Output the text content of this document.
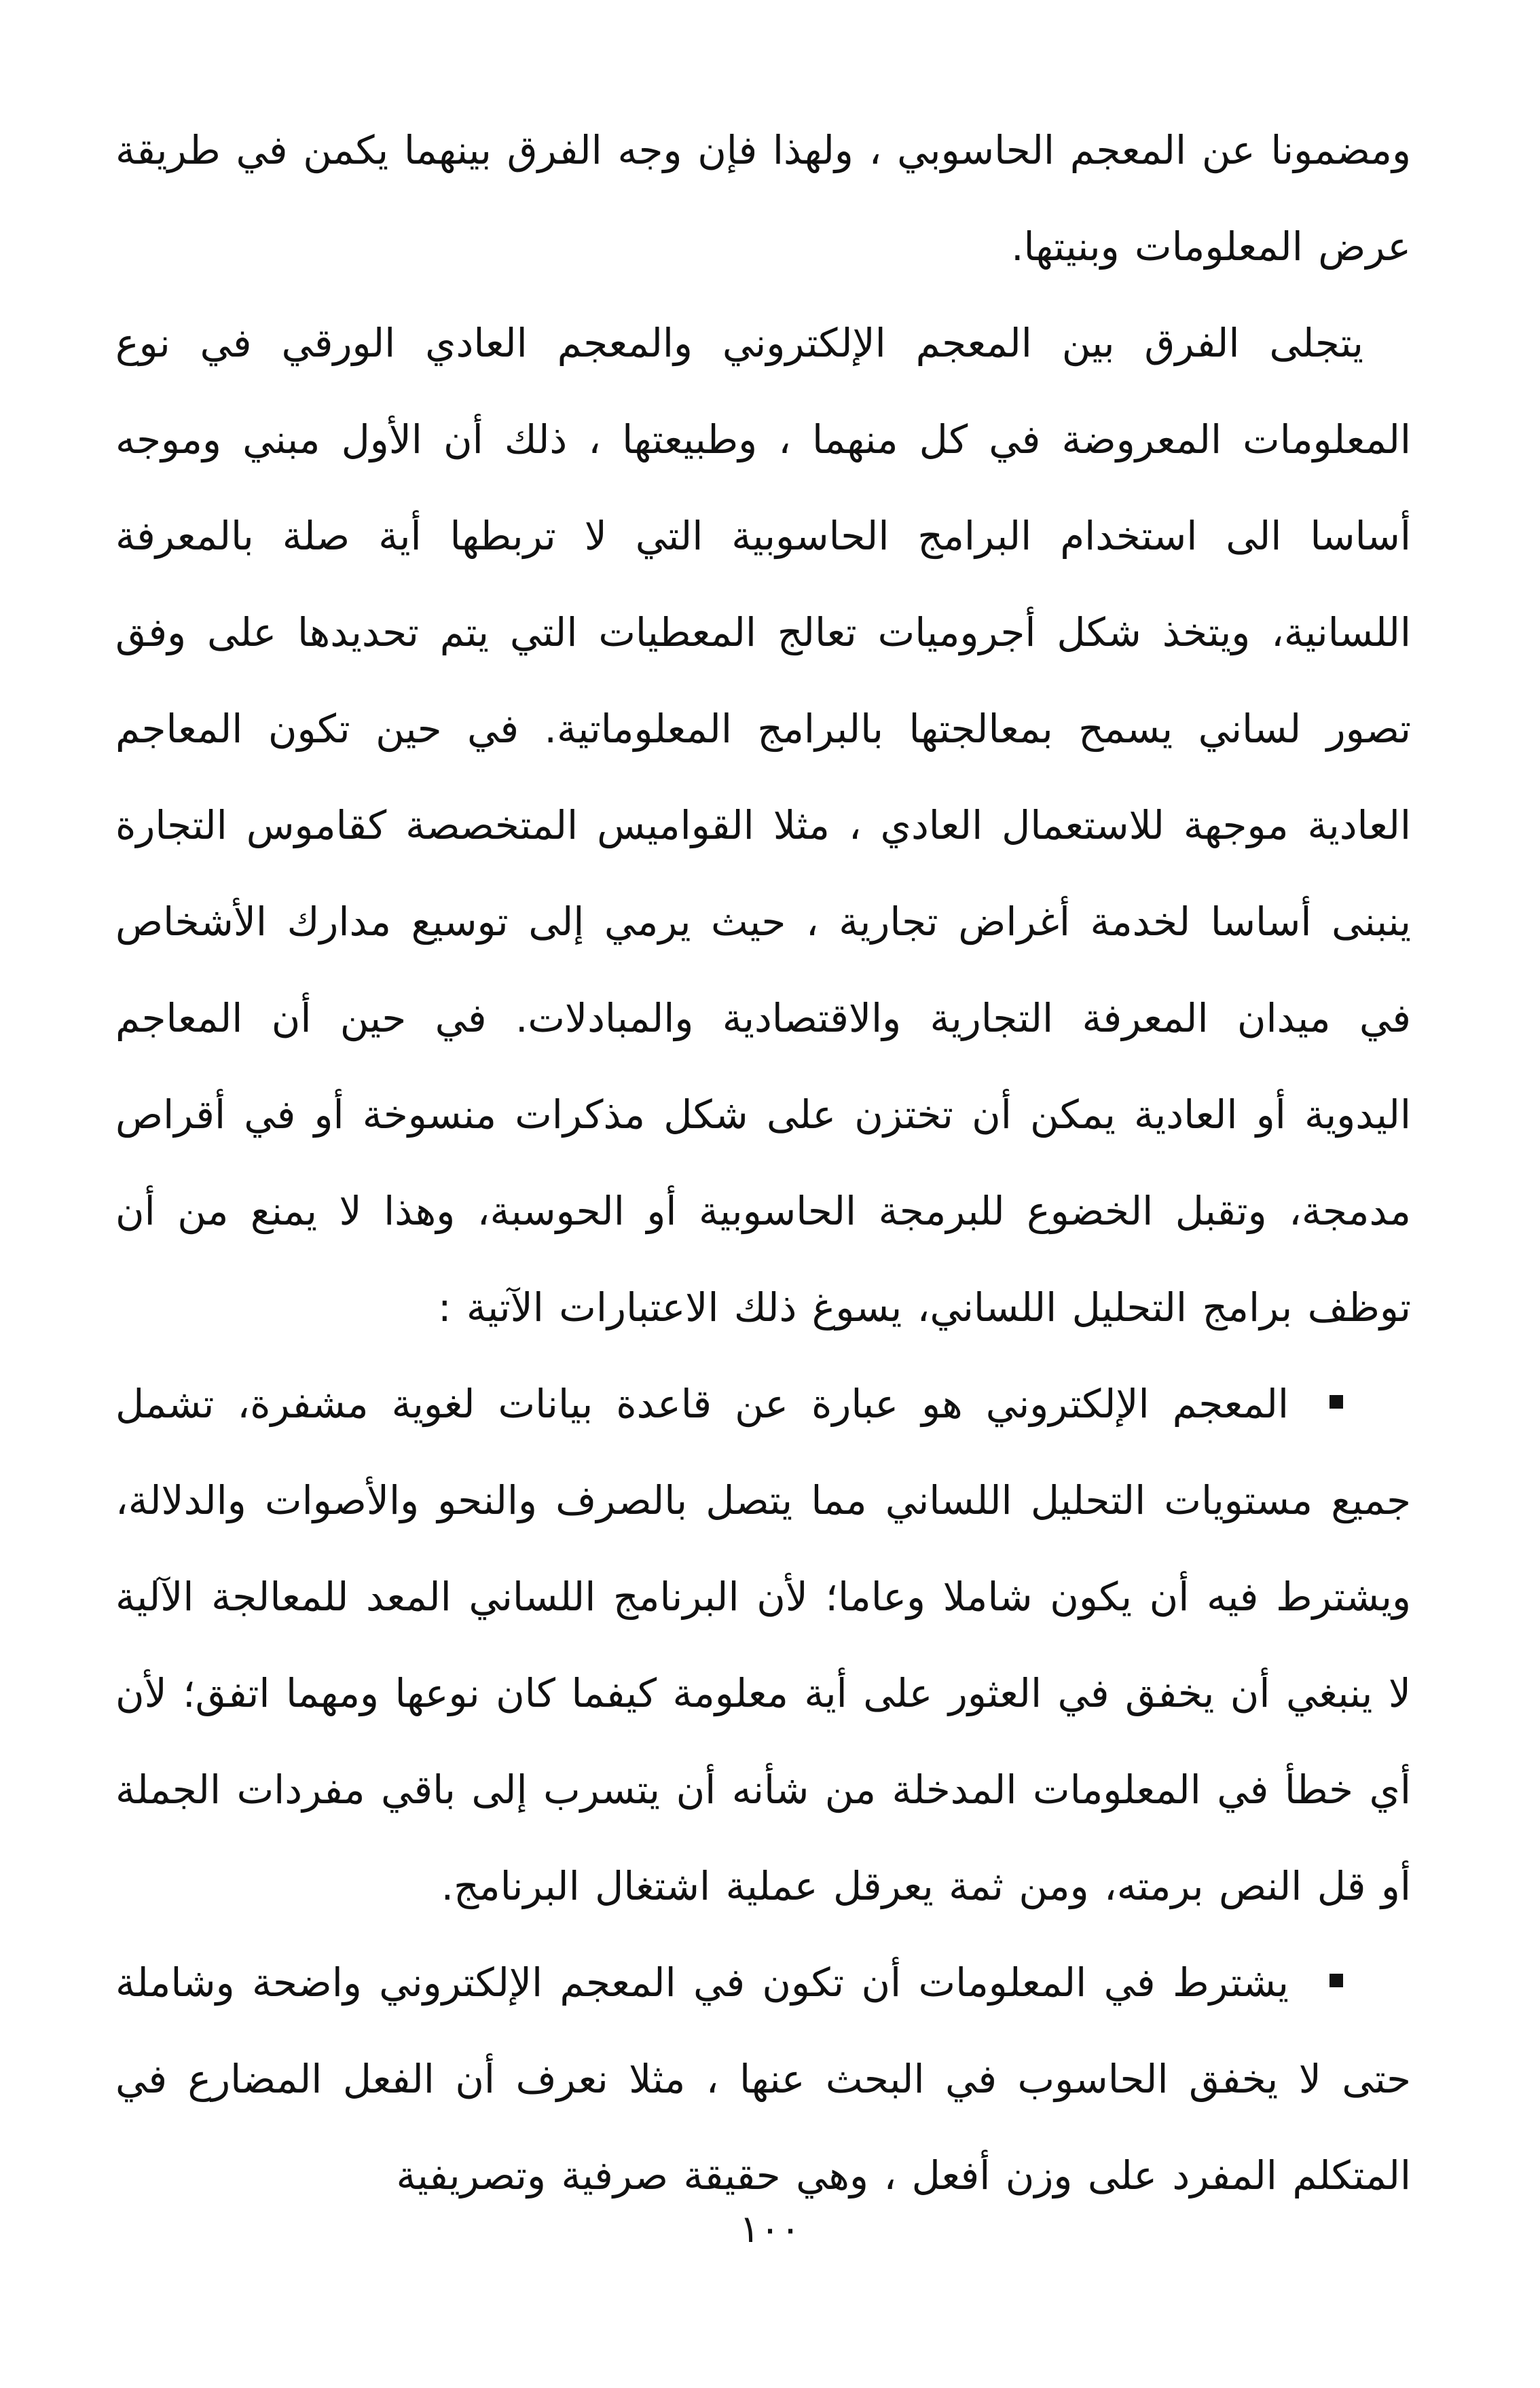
ومضمونا عن المعجم الحاسوبي ، ولهذا فإن وجه الفرق بينهما يكمن في طريقة عرض المعلومات وبنيتها.

يتجلى الفرق بين المعجم الإلكتروني والمعجم العادي الورقي في نوع المعلومات المعروضة في كل منهما ، وطبيعتها ، ذلك أن الأول مبني وموجه أساسا الى استخدام البرامج الحاسوبية التي لا تربطها أية صلة بالمعرفة اللسانية، ويتخذ شكل أجروميات تعالج المعطيات التي يتم تحديدها على وفق تصور لساني يسمح بمعالجتها بالبرامج المعلوماتية. في حين تكون المعاجم العادية موجهة للاستعمال العادي ، مثلا القواميس المتخصصة كقاموس التجارة ينبنى أساسا لخدمة أغراض تجارية ، حيث يرمي إلى توسيع مدارك الأشخاص في ميدان المعرفة التجارية والاقتصادية والمبادلات. في حين أن المعاجم اليدوية أو العادية يمكن أن تختزن على شكل مذكرات منسوخة أو في أقراص مدمجة، وتقبل الخضوع للبرمجة الحاسوبية أو الحوسبة، وهذا لا يمنع من أن توظف برامج التحليل اللساني، يسوغ ذلك الاعتبارات الآتية :

المعجم الإلكتروني هو عبارة عن قاعدة بيانات لغوية مشفرة، تشمل جميع مستويات التحليل اللساني مما يتصل بالصرف والنحو والأصوات والدلالة، ويشترط فيه أن يكون شاملا وعاما؛ لأن البرنامج اللساني المعد للمعالجة الآلية لا ينبغي أن يخفق في العثور على أية معلومة كيفما كان نوعها ومهما اتفق؛ لأن أي خطأ في المعلومات المدخلة من شأنه أن يتسرب إلى باقي مفردات الجملة أو قل النص برمته، ومن ثمة يعرقل عملية اشتغال البرنامج.
يشترط في المعلومات أن تكون في المعجم الإلكتروني واضحة وشاملة حتى لا يخفق الحاسوب في البحث عنها ، مثلا نعرف أن الفعل المضارع في المتكلم المفرد على وزن أفعل ، وهي حقيقة صرفية وتصريفية
١٠٠
